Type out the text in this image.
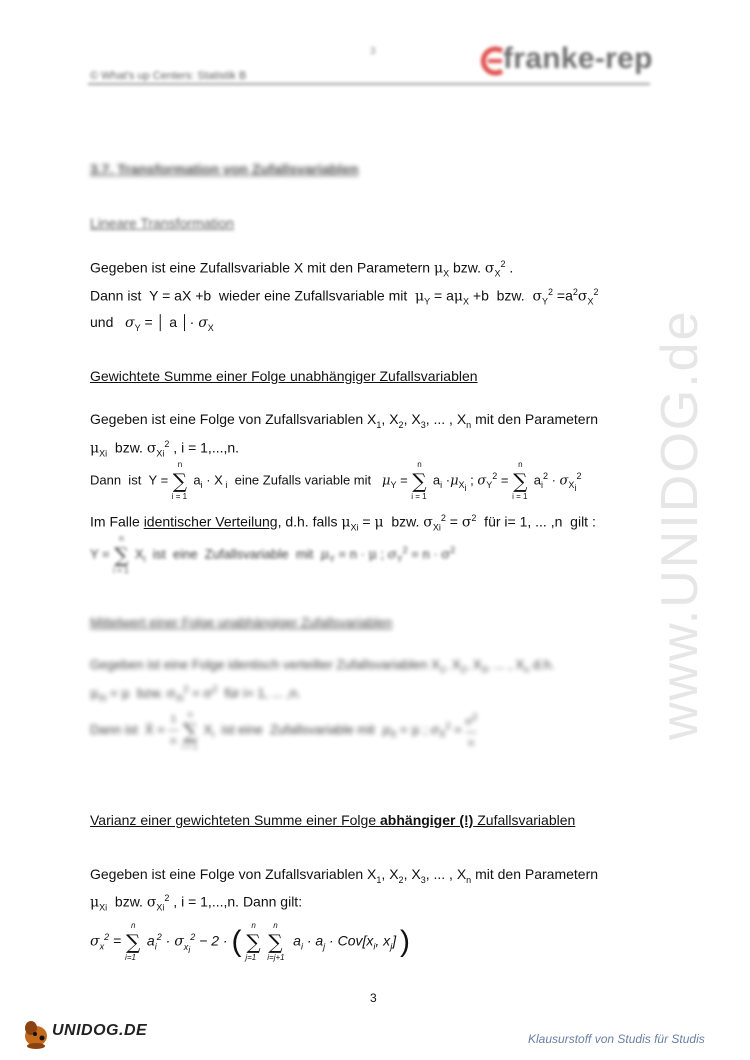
3
© What's up Centers: Statistik B
franke-rep
www.UNIDOG.de
3.7. Transformation von Zufallsvariablen
Lineare Transformation
Gegeben ist eine Zufallsvariable X mit den Parametern $\mu_X$ bzw. $\sigma_X^2$ .
Dann ist  Y = aX +b  wieder eine Zufallsvariable mit  $\mu_Y = a\mu_X +b$  bzw.  $\sigma_Y^2 =a^2\sigma_X^2$
und   $\sigma_Y$ = │ a │· $\sigma_X$
Gewichtete Summe einer Folge unabhängiger Zufallsvariablen
Gegeben ist eine Folge von Zufallsvariablen $X_1$, $X_2$, $X_3$, ... , $X_n$ mit den Parametern
$\mu_{Xi}$  bzw. $\sigma_{Xi}^2$ , i = 1,...,n.
Dann  ist  Y =
n
∑
i = 1
$a_i \cdot X$ $_i$  eine Zufalls variable mit   $\mu_Y$ =
n
∑
i = 1
$a_i \cdot\mu_{X_i}$ ; $\sigma_Y^2$ =
n
∑
i = 1
$a_i^2 \cdot \sigma_{X_i}^2$
Im Falle identischer Verteilung, d.h. falls $\mu_{Xi} = \mu$  bzw. $\sigma_{Xi}^2 = \sigma^2$  für i= 1, ... ,n  gilt :
Y =
n
∑
i = 1
$X_i$  ist  eine  Zufallsvariable  mit  $\mu_Y = n \cdot \mu$ ; $\sigma_Y^2 = n \cdot \sigma^2$
Mittelwert einer Folge unabhängiger Zufallsvariablen
Gegeben ist eine Folge identisch verteilter Zufallsvariablen $X_1$, $X_2$, $X_3$, ... , $X_n$ d.h.
$\mu_{Xi} = \mu$  bzw. $\sigma_{Xi}^2 = \sigma^2$  für i= 1, ... ,n.
Dann ist  X̄ = 1
―
n
n
∑
i = 1
$X_i$  ist eine  Zufallsvariable mit  $\mu_{X̄} = \mu$ ; $\sigma_{X̄}^2 = \sigma^2$
―
n
Varianz einer gewichteten Summe einer Folge abhängiger (!) Zufallsvariablen
Gegeben ist eine Folge von Zufallsvariablen $X_1$, $X_2$, $X_3$, ... , $X_n$ mit den Parametern
$\mu_{Xi}$  bzw. $\sigma_{Xi}^2$ , i = 1,...,n. Dann gilt:
$\sigma_x^2$ =
n
∑
i=1
$a_i^2 \cdot \sigma_{x_i}^2 - 2$ · ( n
∑
j=1

n
∑
i=j+1
$a_i \cdot a_j \cdot Cov[x_i$, $x_j$] )
3
UNIDOG.DE	Klausurstoff von Studis für Studis
